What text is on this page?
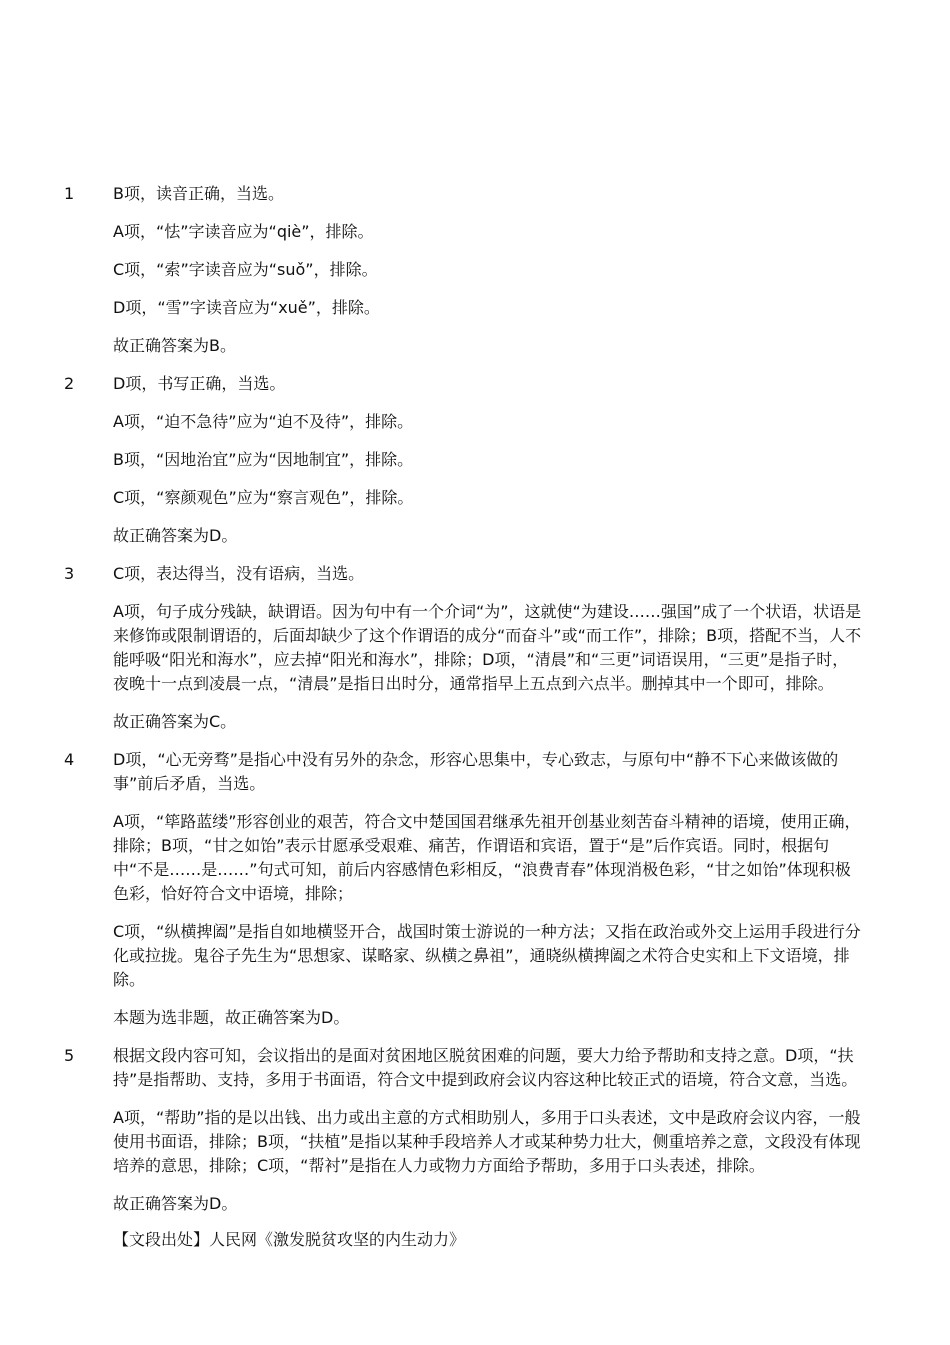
1 B项，读音正确，当选。

A项，“怯”字读音应为“qiè”，排除。

C项，“索”字读音应为“suǒ”，排除。

D项，“雪”字读音应为“xuě”，排除。

故正确答案为B。

2 D项，书写正确，当选。

A项，“迫不急待”应为“迫不及待”，排除。

B项，“因地治宜”应为“因地制宜”，排除。

C项，“察颜观色”应为“察言观色”，排除。

故正确答案为D。

3 C项，表达得当，没有语病，当选。

A项，句子成分残缺，缺谓语。因为句中有一个介词“为”，这就使“为建设……强国”成了一个状语，状语是来修饰或限制谓语的，后面却缺少了这个作谓语的成分“而奋斗”或“而工作”，排除；B项，搭配不当，人不能呼吸“阳光和海水”，应去掉“阳光和海水”，排除；D项，“清晨”和“三更”词语误用，“三更”是指子时，夜晚十一点到凌晨一点，“清晨”是指日出时分，通常指早上五点到六点半。删掉其中一个即可，排除。

故正确答案为C。

4 D项，“心无旁骛”是指心中没有另外的杂念，形容心思集中，专心致志，与原句中“静不下心来做该做的事”前后矛盾，当选。

A项，“筚路蓝缕”形容创业的艰苦，符合文中楚国国君继承先祖开创基业刻苦奋斗精神的语境，使用正确，排除；B项，“甘之如饴”表示甘愿承受艰难、痛苦，作谓语和宾语，置于“是”后作宾语。同时，根据句中“不是……是……”句式可知，前后内容感情色彩相反，“浪费青春”体现消极色彩，“甘之如饴”体现积极色彩，恰好符合文中语境，排除；

C项，“纵横捭阖”是指自如地横竖开合，战国时策士游说的一种方法；又指在政治或外交上运用手段进行分化或拉拢。鬼谷子先生为“思想家、谋略家、纵横之鼻祖”，通晓纵横捭阖之术符合史实和上下文语境，排除。

本题为选非题，故正确答案为D。

5 根据文段内容可知，会议指出的是面对贫困地区脱贫困难的问题，要大力给予帮助和支持之意。D项，“扶持”是指帮助、支持，多用于书面语，符合文中提到政府会议内容这种比较正式的语境，符合文意，当选。

A项，“帮助”指的是以出钱、出力或出主意的方式相助别人，多用于口头表述，文中是政府会议内容，一般使用书面语，排除；B项，“扶植”是指以某种手段培养人才或某种势力壮大，侧重培养之意，文段没有体现培养的意思，排除；C项，“帮衬”是指在人力或物力方面给予帮助，多用于口头表述，排除。

故正确答案为D。

【文段出处】人民网《激发脱贫攻坚的内生动力》
